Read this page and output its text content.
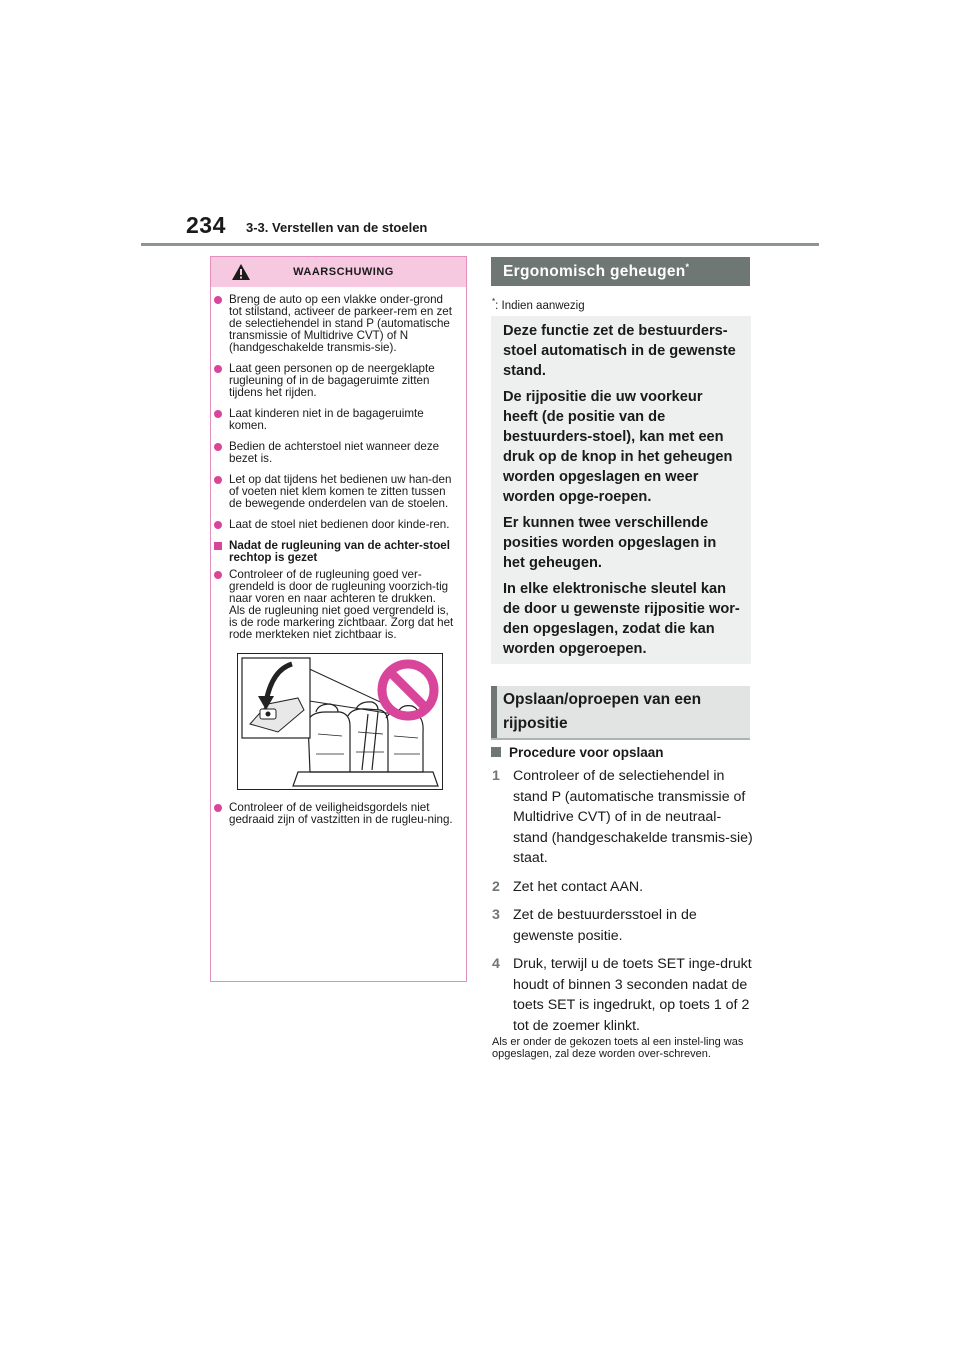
234 3-3. Verstellen van de stoelen
WAARSCHUWING
Breng de auto op een vlakke onder-grond tot stilstand, activeer de parkeer-rem en zet de selectiehendel in stand P (automatische transmissie of Multidrive CVT) of N (handgeschakelde transmis-sie).
Laat geen personen op de neergeklapte rugleuning of in de bagageruimte zitten tijdens het rijden.
Laat kinderen niet in de bagageruimte komen.
Bedien de achterstoel niet wanneer deze bezet is.
Let op dat tijdens het bedienen uw han-den of voeten niet klem komen te zitten tussen de bewegende onderdelen van de stoelen.
Laat de stoel niet bedienen door kinde-ren.
Nadat de rugleuning van de achter-stoel rechtop is gezet
Controleer of de rugleuning goed ver-grendeld is door de rugleuning voorzich-tig naar voren en naar achteren te drukken.
Als de rugleuning niet goed vergrendeld is, is de rode markering zichtbaar. Zorg dat het rode merkteken niet zichtbaar is.
Controleer of de veiligheidsgordels niet gedraaid zijn of vastzitten in de rugleu-ning.
Ergonomisch geheugen*
*: Indien aanwezig

Deze functie zet de bestuurders-stoel automatisch in de gewenste stand.

De rijpositie die uw voorkeur heeft (de positie van de bestuurders-stoel), kan met een druk op de knop in het geheugen worden opgeslagen en weer worden opge-roepen.

Er kunnen twee verschillende posities worden opgeslagen in het geheugen.

In elke elektronische sleutel kan de door u gewenste rijpositie wor-den opgeslagen, zodat die kan worden opgeroepen.

Opslaan/oproepen van een
rijpositie
Procedure voor opslaan
1 Controleer of de selectiehendel in stand P (automatische transmissie of Multidrive CVT) of in de neutraal-stand (handgeschakelde transmis-sie) staat.
2 Zet het contact AAN.
3 Zet de bestuurdersstoel in de gewenste positie.
4 Druk, terwijl u de toets SET inge-drukt houdt of binnen 3 seconden nadat de toets SET is ingedrukt, op toets 1 of 2 tot de zoemer klinkt.
Als er onder de gekozen toets al een instel-ling was opgeslagen, zal deze worden over-schreven.
